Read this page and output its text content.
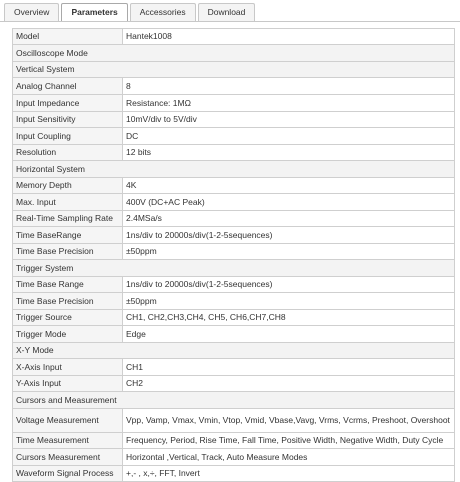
Overview	Parameters	Accessories	Download
Model	Hantek1008
Oscilloscope Mode	
Vertical System	
Analog Channel	8
Input Impedance	Resistance: 1MΩ
Input Sensitivity	10mV/div to 5V/div
Input Coupling	DC
Resolution	12 bits
Horizontal System	
Memory Depth	4K
Max. Input	400V (DC+AC Peak)
Real-Time Sampling Rate	2.4MSa/s
Time BaseRange	1ns/div to 20000s/div(1-2-5sequences)
Time Base Precision	±50ppm
Trigger System	
Time Base Range	1ns/div to 20000s/div(1-2-5sequences)
Time Base Precision	±50ppm
Trigger Source	CH1, CH2,CH3,CH4, CH5, CH6,CH7,CH8
Trigger Mode	Edge
X-Y Mode	
X-Axis Input	CH1
Y-Axis Input	CH2
Cursors and Measurement	
Voltage Measurement	Vpp, Vamp, Vmax, Vmin, Vtop, Vmid, Vbase,Vavg, Vrms, Vcrms, Preshoot, Overshoot
Time Measurement	Frequency, Period, Rise Time, Fall Time, Positive Width, Negative Width, Duty Cycle
Cursors Measurement	Horizontal ,Vertical, Track, Auto Measure Modes
Waveform Signal Process	+,- , x,÷, FFT, Invert
